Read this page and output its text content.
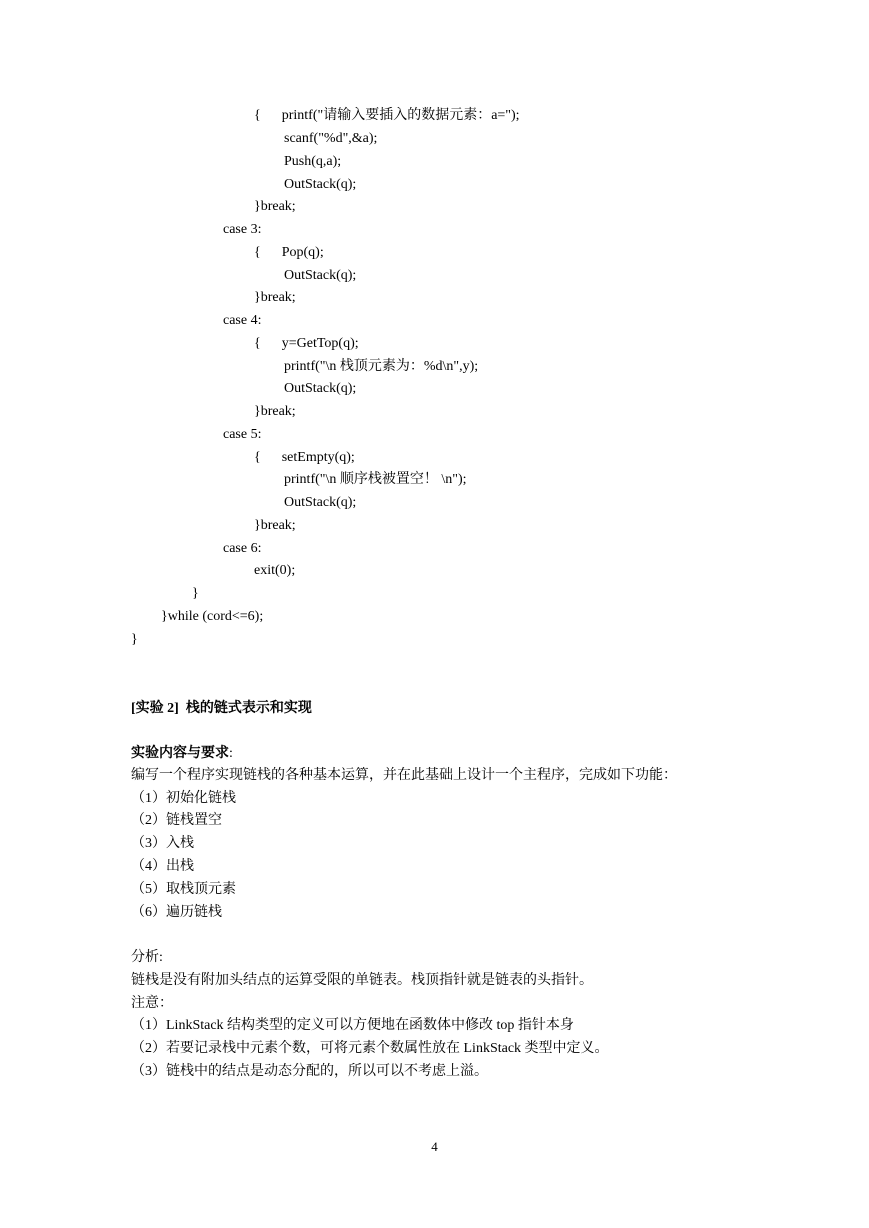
{      printf("请输入要插入的数据元素：a=");
scanf("%d",&a);
Push(q,a);
OutStack(q);
}break;
case 3:
{      Pop(q);
OutStack(q);
}break;
case 4:
{      y=GetTop(q);
printf("\n 栈顶元素为：%d\n",y);
OutStack(q);
}break;
case 5:
{      setEmpty(q);
printf("\n 顺序栈被置空！ \n");
OutStack(q);
}break;
case 6:
exit(0);
}
}while (cord<=6);
}
[实验 2]  栈的链式表示和实现
实验内容与要求:
编写一个程序实现链栈的各种基本运算，并在此基础上设计一个主程序，完成如下功能：
（1）初始化链栈
（2）链栈置空
（3）入栈
（4）出栈
（5）取栈顶元素
（6）遍历链栈
分析:
链栈是没有附加头结点的运算受限的单链表。栈顶指针就是链表的头指针。
注意：
（1）LinkStack 结构类型的定义可以方便地在函数体中修改 top 指针本身
（2）若要记录栈中元素个数，可将元素个数属性放在 LinkStack 类型中定义。
（3）链栈中的结点是动态分配的，所以可以不考虑上溢。
4
